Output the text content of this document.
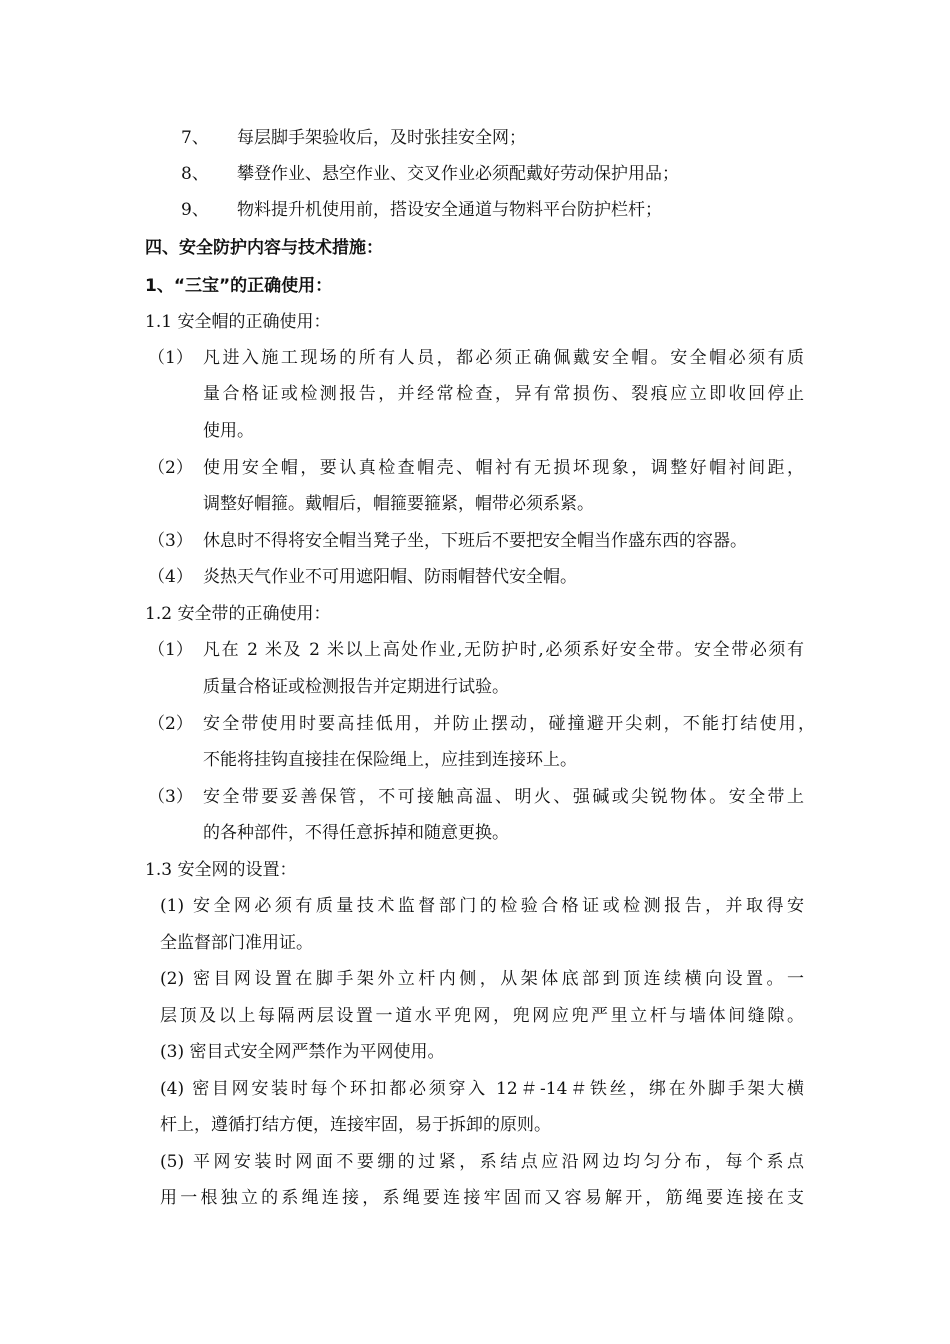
7、 每层脚手架验收后，及时张挂安全网；
8、 攀登作业、悬空作业、交叉作业必须配戴好劳动保护用品；
9、 物料提升机使用前，搭设安全通道与物料平台防护栏杆；
四、安全防护内容与技术措施：
1、“三宝”的正确使用：
1.1 安全帽的正确使用：
（1） 凡进入施工现场的所有人员，都必须正确佩戴安全帽。安全帽必须有质
量合格证或检测报告，并经常检查，异有常损伤、裂痕应立即收回停止
使用。
（2） 使用安全帽，要认真检查帽壳、帽衬有无损坏现象，调整好帽衬间距，
调整好帽箍。戴帽后，帽箍要箍紧，帽带必须系紧。
（3） 休息时不得将安全帽当凳子坐，下班后不要把安全帽当作盛东西的容器。
（4） 炎热天气作业不可用遮阳帽、防雨帽替代安全帽。
1.2 安全带的正确使用：
（1） 凡在 2 米及 2 米以上高处作业,无防护时,必须系好安全带。安全带必须有
质量合格证或检测报告并定期进行试验。
（2） 安全带使用时要高挂低用，并防止摆动，碰撞避开尖刺，不能打结使用，
不能将挂钩直接挂在保险绳上，应挂到连接环上。
（3） 安全带要妥善保管，不可接触高温、明火、强碱或尖锐物体。安全带上
的各种部件，不得任意拆掉和随意更换。
1.3 安全网的设置：
(1) 安全网必须有质量技术监督部门的检验合格证或检测报告，并取得安
全监督部门准用证。
(2) 密目网设置在脚手架外立杆内侧，从架体底部到顶连续横向设置。一
层顶及以上每隔两层设置一道水平兜网，兜网应兜严里立杆与墙体间缝隙。
(3) 密目式安全网严禁作为平网使用。
(4) 密目网安装时每个环扣都必须穿入 12＃-14＃铁丝，绑在外脚手架大横
杆上，遵循打结方便，连接牢固，易于拆卸的原则。
(5) 平网安装时网面不要绷的过紧，系结点应沿网边均匀分布，每个系点
用一根独立的系绳连接，系绳要连接牢固而又容易解开，筋绳要连接在支
